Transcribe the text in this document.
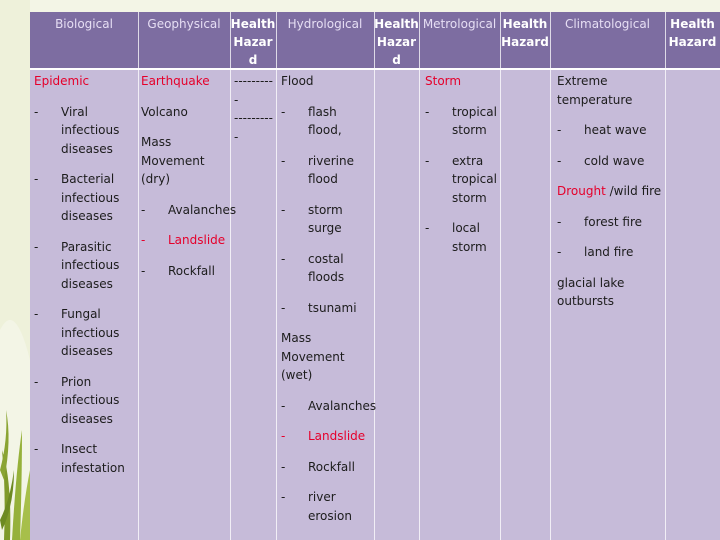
Biological	Geophysical Health
Hazar
d
Hydrological Health
Hazar
d
Metrological Health
Hazard
Climatological	Health
Hazard

Epidemic

- Viral infectious diseases
- Bacterial infectious diseases
- Parasitic infectious diseases
- Fungal infectious diseases
- Prion infectious diseases
- Insect infestation

Earthquake

Volcano

Mass Movement (dry)

- Avalanches
- Landslide
- Rockfall
---------
-
---------
-

Flood

- flash flood,
- riverine flood
- storm surge
- costal floods
- tsunami

Mass Movement (wet)

- Avalanches
- Landslide
- Rockfall
- river erosion

Storm

- tropical storm
- extra tropical storm
- local storm

Extreme temperature

- heat wave
- cold wave

Drought /wild fire

- forest fire
- land fire

glacial lake outbursts
